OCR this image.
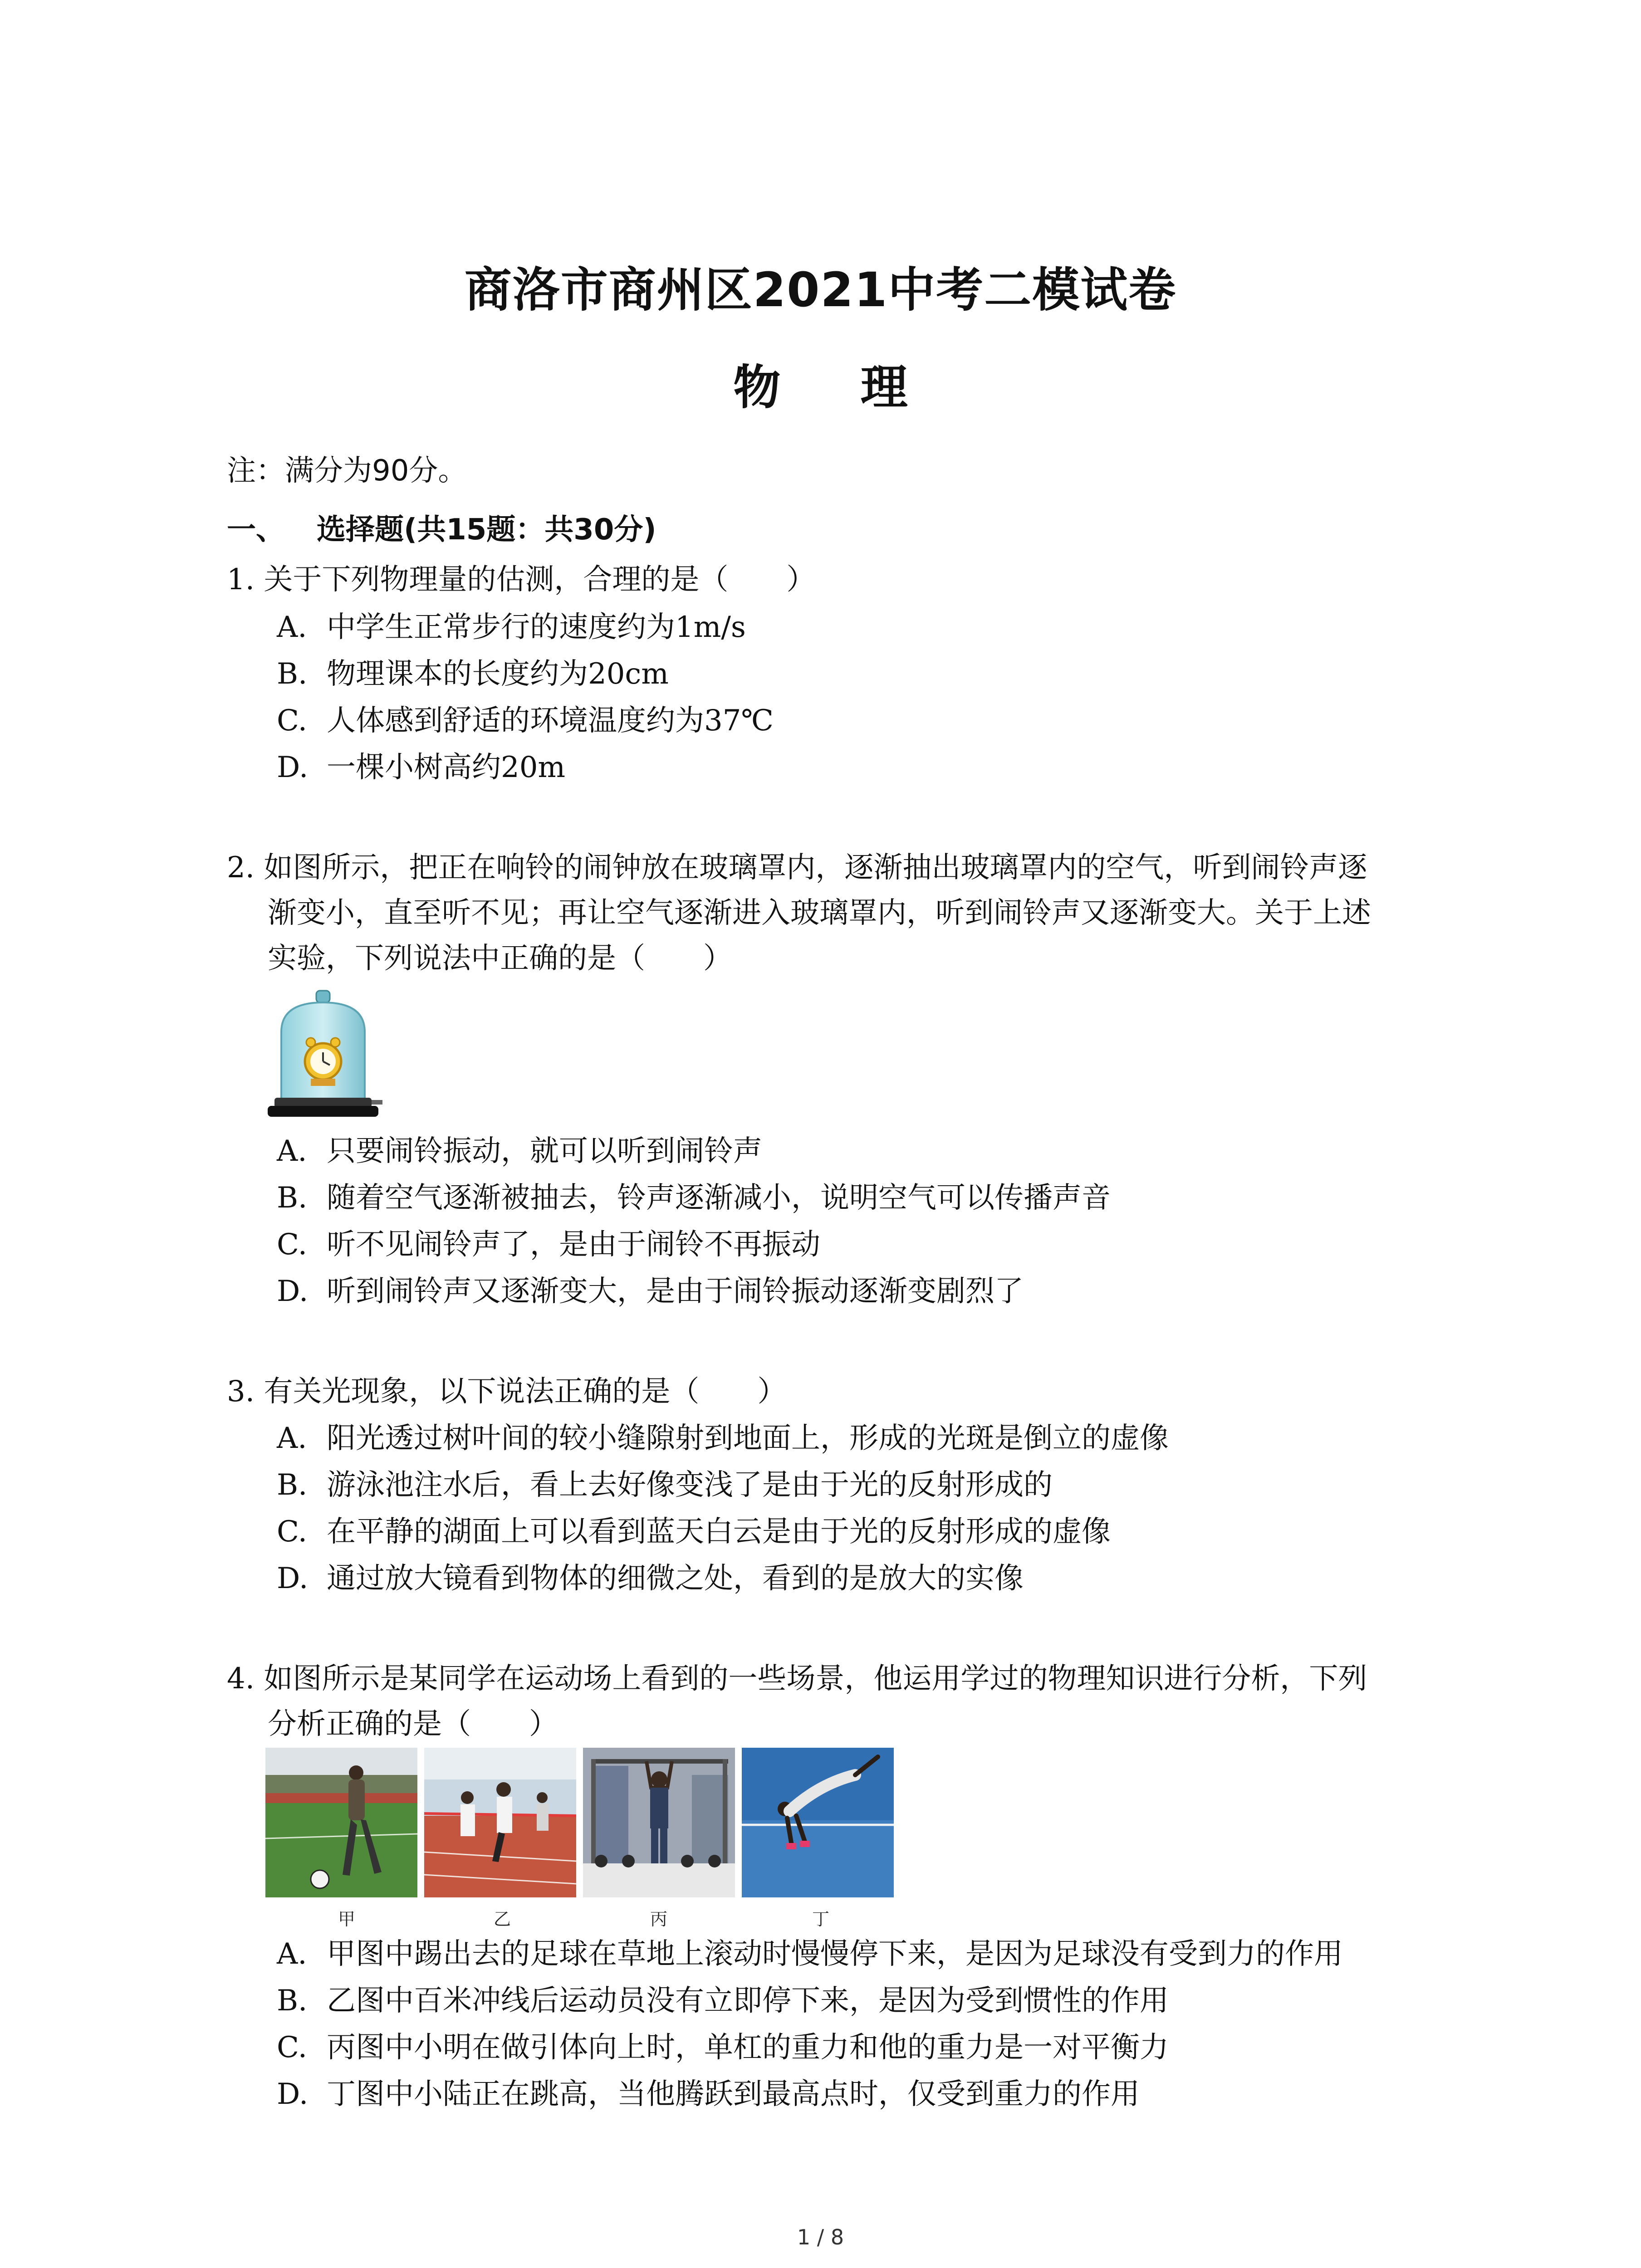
商洛市商州区2021中考二模试卷
物 理
注：满分为90分。
一、 选择题(共15题：共30分)
1. 关于下列物理量的估测，合理的是（　　）
A. 中学生正常步行的速度约为1m/s
B. 物理课本的长度约为20cm
C. 人体感到舒适的环境温度约为37℃
D. 一棵小树高约20m
2. 如图所示，把正在响铃的闹钟放在玻璃罩内，逐渐抽出玻璃罩内的空气，听到闹铃声逐
渐变小，直至听不见；再让空气逐渐进入玻璃罩内，听到闹铃声又逐渐变大。关于上述
实验，下列说法中正确的是（　　）
A. 只要闹铃振动，就可以听到闹铃声
B. 随着空气逐渐被抽去，铃声逐渐减小，说明空气可以传播声音
C. 听不见闹铃声了，是由于闹铃不再振动
D. 听到闹铃声又逐渐变大，是由于闹铃振动逐渐变剧烈了
3. 有关光现象，以下说法正确的是（　　）
A. 阳光透过树叶间的较小缝隙射到地面上，形成的光斑是倒立的虚像
B. 游泳池注水后，看上去好像变浅了是由于光的反射形成的
C. 在平静的湖面上可以看到蓝天白云是由于光的反射形成的虚像
D. 通过放大镜看到物体的细微之处，看到的是放大的实像
4. 如图所示是某同学在运动场上看到的一些场景，他运用学过的物理知识进行分析，下列
分析正确的是（　　）
甲	乙	丙	丁
A. 甲图中踢出去的足球在草地上滚动时慢慢停下来，是因为足球没有受到力的作用
B. 乙图中百米冲线后运动员没有立即停下来，是因为受到惯性的作用
C. 丙图中小明在做引体向上时，单杠的重力和他的重力是一对平衡力
D. 丁图中小陆正在跳高，当他腾跃到最高点时，仅受到重力的作用
1 / 8
